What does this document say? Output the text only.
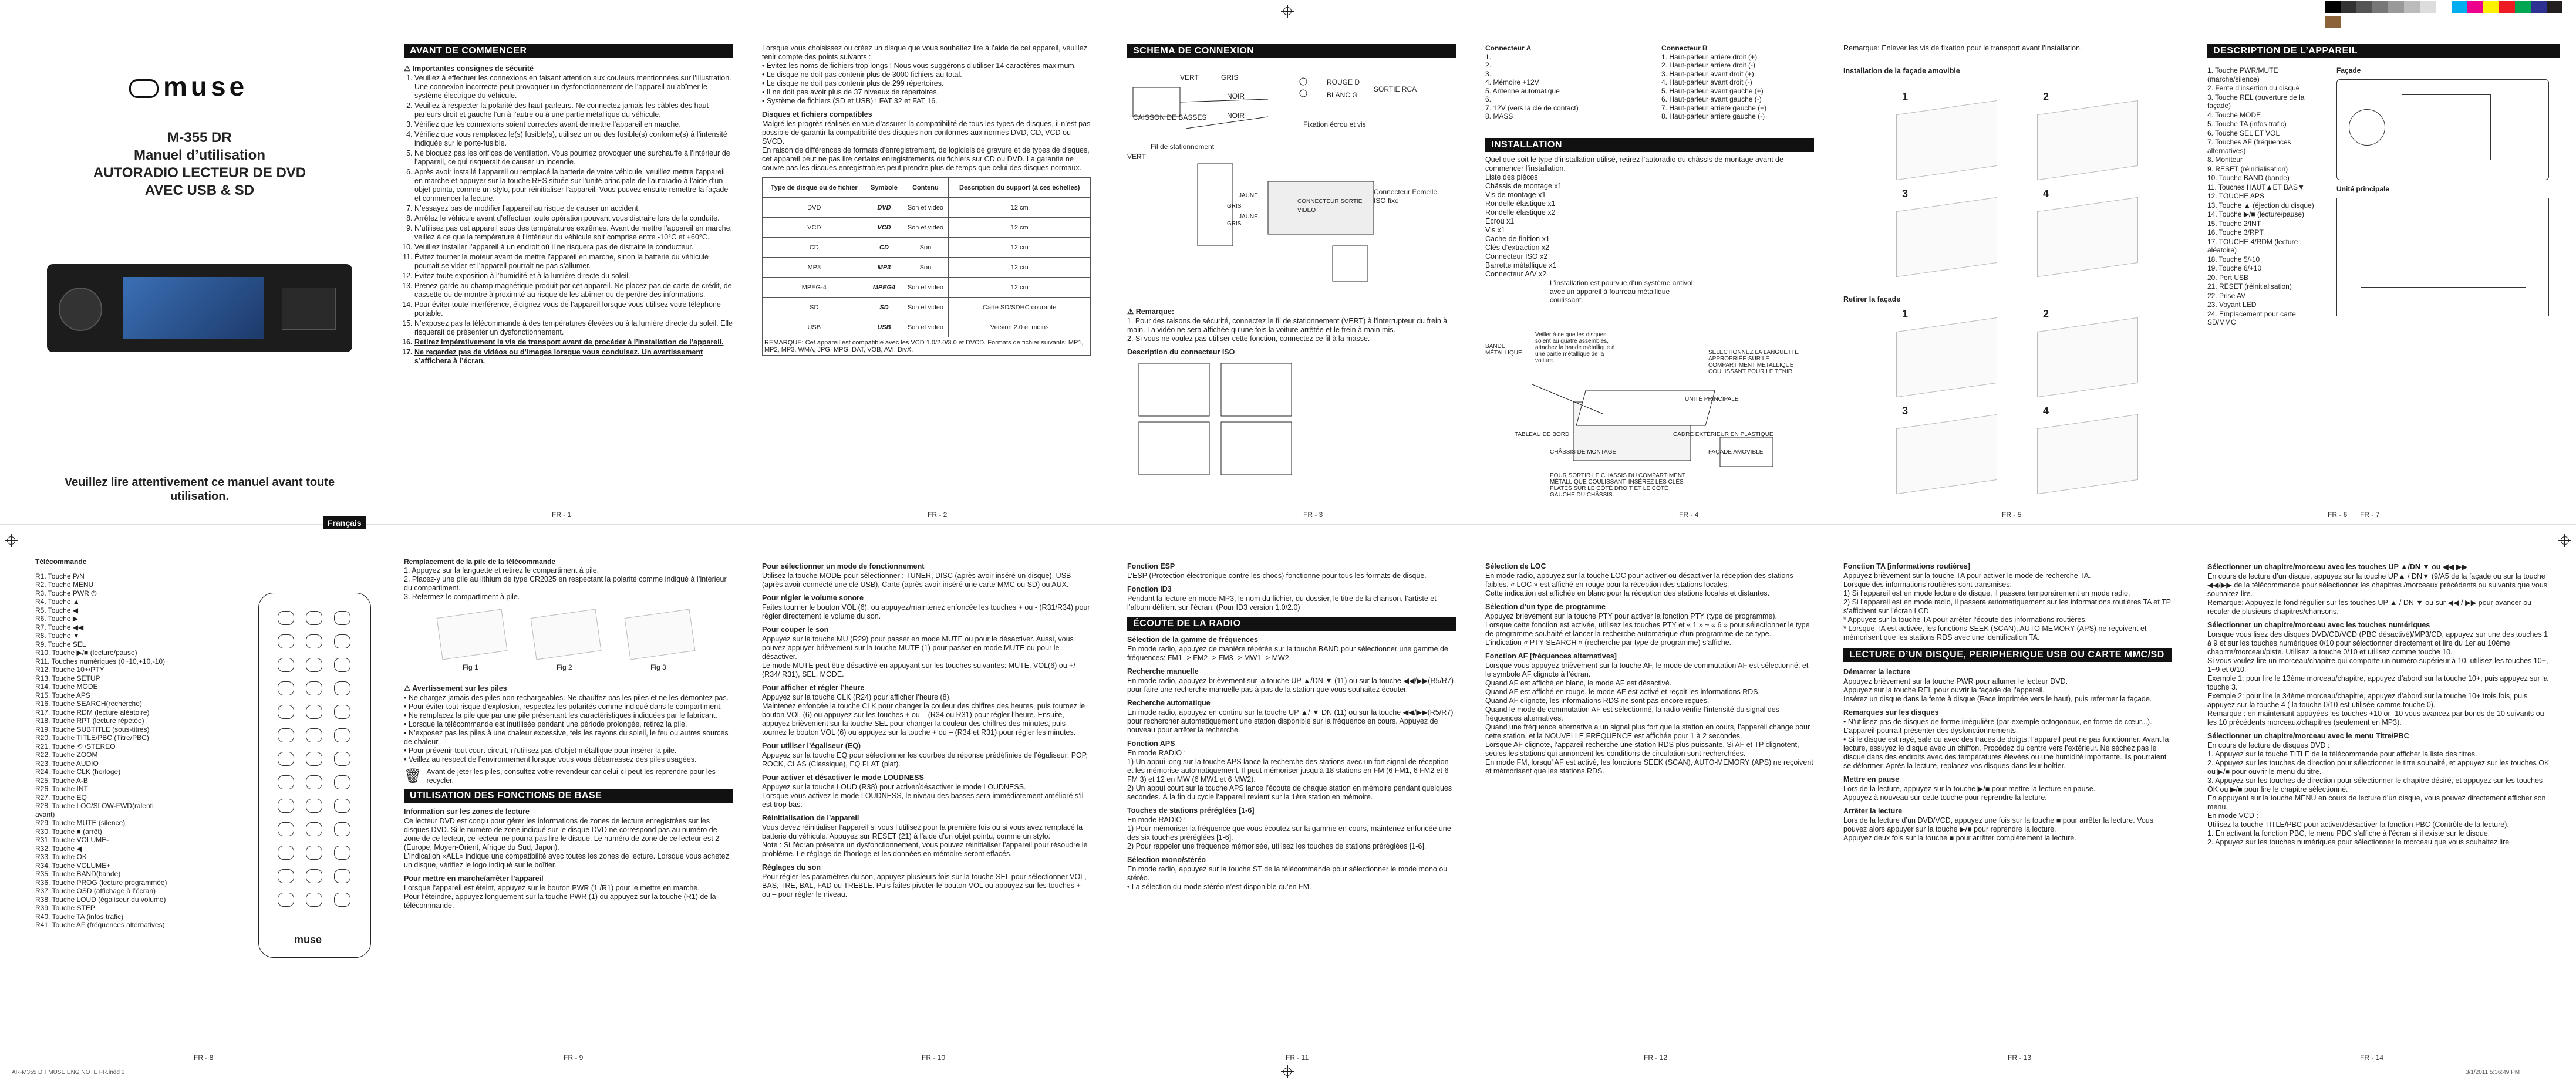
muse
M-355 DR
Manuel d’utilisation
AUTORADIO LECTEUR DE DVD
AVEC USB & SD
Veuillez lire attentivement ce manuel avant toute utilisation.
Français
FR - 1
AVANT DE COMMENCER
⚠ Importantes consignes de sécurité
1. Veuillez à effectuer les connexions en faisant attention aux couleurs mentionnées sur l’illustration. Une connexion incorrecte peut provoquer un dysfonctionnement de l’appareil ou abîmer le système électrique du véhicule.
2. Veuillez à respecter la polarité des haut-parleurs. Ne connectez jamais les câbles des haut-parleurs droit et gauche l’un à l’autre ou à une partie métallique du véhicule.
3. Vérifiez que les connexions soient correctes avant de mettre l’appareil en marche.
4. Vérifiez que vous remplacez le(s) fusible(s), utilisez un ou des fusible(s) conforme(s) à l’intensité indiquée sur le porte-fusible.
5. Ne bloquez pas les orifices de ventilation. Vous pourriez provoquer une surchauffe à l’intérieur de l’appareil, ce qui risquerait de causer un incendie.
6. Après avoir installé l’appareil ou remplacé la batterie de votre véhicule, veuillez mettre l’appareil en marche et appuyer sur la touche RES située sur l’unité principale de l’autoradio à l’aide d’un objet pointu, comme un stylo, pour réinitialiser l’appareil. Vous pouvez ensuite remettre la façade et commencer la lecture.
7. N’essayez pas de modifier l’appareil au risque de causer un accident.
8. Arrêtez le véhicule avant d’effectuer toute opération pouvant vous distraire lors de la conduite.
9. N’utilisez pas cet appareil sous des températures extrêmes. Avant de mettre l’appareil en marche, veillez à ce que la température à l’intérieur du véhicule soit comprise entre -10°C et +60°C.
10. Veuillez installer l’appareil à un endroit où il ne risquera pas de distraire le conducteur.
11. Évitez tourner le moteur avant de mettre l’appareil en marche, sinon la batterie du véhicule pourrait se vider et l’appareil pourrait ne pas s’allumer.
12. Évitez toute exposition à l’humidité et à la lumière directe du soleil.
13. Prenez garde au champ magnétique produit par cet appareil. Ne placez pas de carte de crédit, de cassette ou de montre à proximité au risque de les abîmer ou de perdre des informations.
14. Pour éviter toute interférence, éloignez-vous de l’appareil lorsque vous utilisez votre téléphone portable.
15. N’exposez pas la télécommande à des températures élevées ou à la lumière directe du soleil. Elle risquerait de présenter un dysfonctionnement.
16. Retirez impérativement la vis de transport avant de procéder à l’installation de l’appareil.
17. Ne regardez pas de vidéos ou d’images lorsque vous conduisez. Un avertissement s’affichera à l’écran.
FR - 2

Lorsque vous choisissez ou créez un disque que vous souhaitez lire à l’aide de cet appareil, veuillez tenir compte des points suivants :
• Évitez les noms de fichiers trop longs ! Nous vous suggérons d’utiliser 14 caractères maximum.
• Le disque ne doit pas contenir plus de 3000 fichiers au total.
• Le disque ne doit pas contenir plus de 299 répertoires.
• Il ne doit pas avoir plus de 37 niveaux de répertoires.
• Système de fichiers (SD et USB) : FAT 32 et FAT 16.

Disques et fichiers compatibles

Malgré les progrès réalisés en vue d’assurer la compatibilité de tous les types de disques, il n’est pas possible de garantir la compatibilité des disques non conformes aux normes DVD, CD, VCD ou SVCD.
En raison de différences de formats d’enregistrement, de logiciels de gravure et de types de disques, cet appareil peut ne pas lire certains enregistrements ou fichiers sur CD ou DVD. La garantie ne couvre pas les disques enregistrables peut prendre plus de temps que celui des disques normaux.

Type de disque ou de fichier	Symbole	Contenu	Description du support (à ces échelles)
DVD	DVD	Son et vidéo	12 cm
VCD	VCD	Son et vidéo	12 cm
CD	CD	Son	12 cm
MP3	MP3	Son	12 cm
MPEG-4	MPEG4	Son et vidéo	12 cm
SD	SD	Son et vidéo	Carte SD/SDHC courante
USB	USB	Son et vidéo	Version 2.0 et moins
REMARQUE: Cet appareil est compatible avec les VCD 1.0/2.0/3.0 et DVCD. Formats de fichier suivants: MP1, MP2, MP3, WMA, JPG, MPG, DAT, VOB, AVI, DivX.
FR - 3
SCHEMA DE CONNEXION
VERT	GRIS
NOIR
ROUGE D
BLANC G
SORTIE RCA
CAISSON DE BASSES	NOIR
Fixation écrou et vis
Fil de stationnement
VERT
Connecteur Femelle ISO fixe
CONNECTEUR SORTIE VIDEO
JAUNE
JAUNE
GRIS
GRIS
⚠ Remarque:

1. Pour des raisons de sécurité, connectez le fil de stationnement (VERT) à l’interrupteur du frein à main. La vidéo ne sera affichée qu’une fois la voiture arrêtée et le frein à main mis.
2. Si vous ne voulez pas utiliser cette fonction, connectez ce fil à la masse.

Description du connecteur ISO
FR - 4
Connecteur A
1.
2.
3.
4. Mémoire +12V
5. Antenne automatique
6.
7. 12V (vers la clé de contact)
8. MASS
Connecteur B
1. Haut-parleur arrière droit (+)
2. Haut-parleur arrière droit (-)
3. Haut-parleur avant droit (+)
4. Haut-parleur avant droit (-)
5. Haut-parleur avant gauche (+)
6. Haut-parleur avant gauche (-)
7. Haut-parleur arrière gauche (+)
8. Haut-parleur arrière gauche (-)
INSTALLATION

Quel que soit le type d’installation utilisé, retirez l’autoradio du châssis de montage avant de commencer l’installation.
Liste des pièces
Châssis de montage x1
Vis de montage x1
Rondelle élastique x1
Rondelle élastique x2
Écrou x1
Vis x1
Cache de finition x1
Clés d’extraction x2
Connecteur ISO x2
Barrette métallique x1
Connecteur A/V x2

L’installation est pourvue d’un système antivol avec un appareil à fourreau métallique coulissant.
BANDE MÉTALLIQUE
Veiller à ce que les disques soient au quatre assemblés, attachez la bande métallique à une partie métallique de la voiture.
SÉLECTIONNEZ LA LANGUETTE APPROPRIÉE SUR LE COMPARTIMENT MÉTALLIQUE COULISSANT POUR LE TENIR.
UNITÉ PRINCIPALE
TABLEAU DE BORD	CADRE EXTÉRIEUR EN PLASTIQUE
CHÂSSIS DE MONTAGE	FAÇADE AMOVIBLE
POUR SORTIR LE CHASSIS DU COMPARTIMENT MÉTALLIQUE COULISSANT, INSÉREZ LES CLÉS PLATES SUR LE CÔTÉ DROIT ET LE CÔTÉ GAUCHE DU CHÂSSIS.
FR - 5

Remarque: Enlever les vis de fixation pour le transport avant l’installation.

Installation de la façade amovible
1	2
3	4
Retirer la façade
1	2
3	4
FR - 6
DESCRIPTION DE L’APPAREIL
1. Touche PWR/MUTE (marche/silence)
2. Fente d’insertion du disque
3. Touche REL (ouverture de la façade)
4. Touche MODE
5. Touche TA (infos trafic)
6. Touche SEL ET VOL
7. Touches AF (fréquences alternatives)
8. Moniteur
9. RESET (réinitialisation)
10. Touche BAND (bande)
11. Touches HAUT▲ET BAS▼
12. TOUCHE APS
13. Touche ▲ (éjection du disque)
14. Touche ▶/■ (lecture/pause)
15. Touche 2/INT
16. Touche 3/RPT
17. TOUCHE 4/RDM (lecture aléatoire)
18. Touche 5/-10
19. Touche 6/+10
20. Port USB
21. RESET (réinitialisation)
22. Prise AV
23. Voyant LED
24. Emplacement pour carte SD/MMC
Façade
Unité principale
FR - 7
Télécommande
R1. Touche P/N
R2. Touche MENU
R3. Touche PWR ⏻
R4. Touche ▲
R5. Touche ◀
R6. Touche ▶
R7. Touche ◀◀
R8. Touche ▼
R9. Touche SEL
R10. Touche ▶/■ (lecture/pause)
R11. Touches numériques (0~10,+10,-10)
R12. Touche 10+/PTY
R13. Touche SETUP
R14. Touche MODE
R15. Touche APS
R16. Touche SEARCH(recherche)
R17. Touche RDM (lecture aléatoire)
R18. Touche RPT (lecture répétée)
R19. Touche SUBTITLE (sous-titres)
R20. Touche TITLE/PBC (Titre/PBC)
R21. Touche ⟲ /STEREO
R22. Touche ZOOM
R23. Touche AUDIO
R24. Touche CLK (horloge)
R25. Touche A-B
R26. Touche INT
R27. Touche EQ
R28. Touche LOC/SLOW-FWD(ralenti avant)
R29. Touche MUTE (silence)
R30. Touche ■ (arrêt)
R31. Touche VOLUME-
R32. Touche ◀
R33. Touche OK
R34. Touche VOLUME+
R35. Touche BAND(bande)
R36. Touche PROG (lecture programmée)
R37. Touche OSD (affichage à l’écran)
R38. Touche LOUD (égaliseur du volume)
R39. Touche STEP
R40. Touche TA (infos trafic)
R41. Touche AF (fréquences alternatives)
muse
FR - 8
Remplacement de la pile de la télécommande

1. Appuyez sur la languette et retirez le compartiment à pile.
2. Placez-y une pile au lithium de type CR2025 en respectant la polarité comme indiqué à l’intérieur du compartiment.
3. Refermez le compartiment à pile.

Fig 1	Fig 2	Fig 3
⚠ Avertissement sur les piles

• Ne chargez jamais des piles non rechargeables. Ne chauffez pas les piles et ne les démontez pas.
• Pour éviter tout risque d’explosion, respectez les polarités comme indiqué dans le compartiment.
• Ne remplacez la pile que par une pile présentant les caractéristiques indiquées par le fabricant.
• Lorsque la télécommande est inutilisée pendant une période prolongée, retirez la pile.
• N’exposez pas les piles à une chaleur excessive, tels les rayons du soleil, le feu ou autres sources de chaleur.
• Pour prévenir tout court-circuit, n’utilisez pas d’objet métallique pour insérer la pile.
• Veillez au respect de l’environnement lorsque vous vous débarrassez des piles usagées.

🗑 Avant de jeter les piles, consultez votre revendeur car celui-ci peut les reprendre pour les recycler.

UTILISATION DES FONCTIONS DE BASE
Information sur les zones de lecture

Ce lecteur DVD est conçu pour gérer les informations de zones de lecture enregistrées sur les disques DVD. Si le numéro de zone indiqué sur le disque DVD ne correspond pas au numéro de zone de ce lecteur, ce lecteur ne pourra pas lire le disque. Le numéro de zone de ce lecteur est 2 (Europe, Moyen-Orient, Afrique du Sud, Japon).
L’indication «ALL» indique une compatibilité avec toutes les zones de lecture. Lorsque vous achetez un disque, vérifiez le logo indiqué sur le boîtier.

Pour mettre en marche/arrêter l’appareil

Lorsque l’appareil est éteint, appuyez sur le bouton PWR (1 /R1) pour le mettre en marche.
Pour l’éteindre, appuyez longuement sur la touche PWR (1) ou appuyez sur la touche (R1) de la télécommande.

FR - 9
Pour sélectionner un mode de fonctionnement

Utilisez la touche MODE pour sélectionner : TUNER, DISC (après avoir inséré un disque), USB (après avoir connecté une clé USB), Carte (après avoir inséré une carte MMC ou SD) ou AUX.

Pour régler le volume sonore

Faites tourner le bouton VOL (6), ou appuyez/maintenez enfoncée les touches + ou - (R31/R34) pour régler directement le volume du son.

Pour couper le son

Appuyez sur la touche MU (R29) pour passer en mode MUTE ou pour le désactiver. Aussi, vous pouvez appuyer brièvement sur la touche MUTE (1) pour passer en mode MUTE ou pour le désactiver.
Le mode MUTE peut être désactivé en appuyant sur les touches suivantes: MUTE, VOL(6) ou +/-(R34/ R31), SEL, MODE.

Pour afficher et régler l’heure

Appuyez sur la touche CLK (R24) pour afficher l’heure (8).
Maintenez enfoncée la touche CLK pour changer la couleur des chiffres des heures, puis tournez le bouton VOL (6) ou appuyez sur les touches + ou – (R34 ou R31) pour régler l’heure. Ensuite, appuyez brièvement sur la touche SEL pour changer la couleur des chiffres des minutes, puis tournez le bouton VOL (6) ou appuyez sur la touche + ou – (R34 et R31) pour régler les minutes.

Pour utiliser l’égaliseur (EQ)

Appuyez sur la touche EQ pour sélectionner les courbes de réponse prédéfinies de l’égaliseur: POP, ROCK, CLAS (Classique), EQ FLAT (plat).

Pour activer et désactiver le mode LOUDNESS

Appuyez sur la touche LOUD (R38) pour activer/désactiver le mode LOUDNESS.
Lorsque vous activez le mode LOUDNESS, le niveau des basses sera immédiatement amélioré s’il est trop bas.

Réinitialisation de l’appareil

Vous devez réinitialiser l’appareil si vous l’utilisez pour la première fois ou si vous avez remplacé la batterie du véhicule. Appuyez sur RESET (21) à l’aide d’un objet pointu, comme un stylo.
Note : Si l’écran présente un dysfonctionnement, vous pouvez réinitialiser l’appareil pour résoudre le problème. Le réglage de l’horloge et les données en mémoire seront effacés.

Réglages du son

Pour régler les paramètres du son, appuyez plusieurs fois sur la touche SEL pour sélectionner VOL, BAS, TRE, BAL, FAD ou TREBLE. Puis faites pivoter le bouton VOL ou appuyez sur les touches + ou – pour régler le niveau.

FR - 10
Fonction ESP

L’ESP (Protection électronique contre les chocs) fonctionne pour tous les formats de disque.

Fonction ID3

Pendant la lecture en mode MP3, le nom du fichier, du dossier, le titre de la chanson, l’artiste et l’album défilent sur l’écran. (Pour ID3 version 1.0/2.0)

ÉCOUTE DE LA RADIO
Sélection de la gamme de fréquences

En mode radio, appuyez de manière répétée sur la touche BAND pour sélectionner une gamme de fréquences: FM1 -> FM2 -> FM3 -> MW1 -> MW2.

Recherche manuelle

En mode radio, appuyez brièvement sur la touche UP ▲/DN ▼ (11) ou sur la touche ◀◀/▶▶(R5/R7) pour faire une recherche manuelle pas à pas de la station que vous souhaitez écouter.

Recherche automatique

En mode radio, appuyez en continu sur la touche UP ▲/ ▼ DN (11) ou sur la touche ◀◀/▶▶(R5/R7) pour rechercher automatiquement une station disponible sur la fréquence en cours. Appuyez de nouveau pour arrêter la recherche.

Fonction APS

En mode RADIO :
1) Un appui long sur la touche APS lance la recherche des stations avec un fort signal de réception et les mémorise automatiquement. Il peut mémoriser jusqu’à 18 stations en FM (6 FM1, 6 FM2 et 6 FM 3) et 12 en MW (6 MW1 et 6 MW2).
2) Un appui court sur la touche APS lance l’écoute de chaque station en mémoire pendant quelques secondes. À la fin du cycle l’appareil revient sur la 1ère station en mémoire.

Touches de stations préréglées [1-6]

En mode RADIO :
1) Pour mémoriser la fréquence que vous écoutez sur la gamme en cours, maintenez enfoncée une des six touches préréglées [1-6].
2) Pour rappeler une fréquence mémorisée, utilisez les touches de stations préréglées [1-6].

Sélection mono/stéréo

En mode radio, appuyez sur la touche ST de la télécommande pour sélectionner le mode mono ou stéréo.
• La sélection du mode stéréo n’est disponible qu’en FM.

FR - 11
Sélection de LOC

En mode radio, appuyez sur la touche LOC pour activer ou désactiver la réception des stations faibles. « LOC » est affiché en rouge pour la réception des stations locales.
Cette indication est affichée en blanc pour la réception des stations locales et distantes.

Sélection d’un type de programme

Appuyez brièvement sur la touche PTY pour activer la fonction PTY (type de programme).
Lorsque cette fonction est activée, utilisez les touches PTY et « 1 » ~ « 6 » pour sélectionner le type de programme souhaité et lancer la recherche automatique d’un programme de ce type.
L’indication « PTY SEARCH » (recherche par type de programme) s’affiche.

Fonction AF [fréquences alternatives]

Lorsque vous appuyez brièvement sur la touche AF, le mode de commutation AF est sélectionné, et le symbole AF clignote à l’écran.
Quand AF est affiché en blanc, le mode AF est désactivé.
Quand AF est affiché en rouge, le mode AF est activé et reçoit les informations RDS.
Quand AF clignote, les informations RDS ne sont pas encore reçues.
Quand le mode de commutation AF est sélectionné, la radio vérifie l’intensité du signal des fréquences alternatives.
Quand une fréquence alternative a un signal plus fort que la station en cours, l’appareil change pour cette station, et la NOUVELLE FRÉQUENCE est affichée pour 1 à 2 secondes.
Lorsque AF clignote, l’appareil recherche une station RDS plus puissante. Si AF et TP clignotent, seules les stations qui annoncent les conditions de circulation sont recherchées.
En mode FM, lorsqu’ AF est activé, les fonctions SEEK (SCAN), AUTO-MEMORY (APS) ne reçoivent et mémorisent que les stations RDS.

FR - 12
Fonction TA [informations routières]

Appuyez brièvement sur la touche TA pour activer le mode de recherche TA.
Lorsque des informations routières sont transmises:
1) Si l’appareil est en mode lecture de disque, il passera temporairement en mode radio.
2) Si l’appareil est en mode radio, il passera automatiquement sur les informations routières TA et TP s’affichent sur l’écran LCD.
* Appuyez sur la touche TA pour arrêter l’écoute des informations routières.
* Lorsque TA est activée, les fonctions SEEK (SCAN), AUTO MEMORY (APS) ne reçoivent et mémorisent que les stations RDS avec une identification TA.

LECTURE D’UN DISQUE, PERIPHERIQUE USB OU CARTE MMC/SD
Démarrer la lecture

Appuyez brièvement sur la touche PWR pour allumer le lecteur DVD.
Appuyez sur la touche REL pour ouvrir la façade de l’appareil.
Insérez un disque dans la fente à disque (Face imprimée vers le haut), puis refermer la façade.

Remarques sur les disques

• N’utilisez pas de disques de forme irrégulière (par exemple octogonaux, en forme de cœur...). L’appareil pourrait présenter des dysfonctionnements.
• Si le disque est rayé, sale ou avec des traces de doigts, l’appareil peut ne pas fonctionner. Avant la lecture, essuyez le disque avec un chiffon. Procédez du centre vers l’extérieur. Ne séchez pas le disque dans des endroits avec des températures élevées ou une humidité importante. Ils pourraient se déformer. Après la lecture, replacez vos disques dans leur boîtier.

Mettre en pause

Lors de la lecture, appuyez sur la touche ▶/■ pour mettre la lecture en pause.
Appuyez à nouveau sur cette touche pour reprendre la lecture.

Arrêter la lecture

Lors de la lecture d’un DVD/VCD, appuyez une fois sur la touche ■ pour arrêter la lecture. Vous pouvez alors appuyer sur la touche ▶/■ pour reprendre la lecture.
Appuyez deux fois sur la touche ■ pour arrêter complètement la lecture.

FR - 13
Sélectionner un chapitre/morceau avec les touches UP ▲/DN ▼ ou ◀◀ ▶▶

En cours de lecture d’un disque, appuyez sur la touche UP▲ / DN▼ (9/A5 de la façade ou sur la touche ◀◀/▶▶ de la télécommande pour sélectionner les chapitres /morceaux précédents ou suivants que vous souhaitez lire.
Remarque: Appuyez le fond régulier sur les touches UP ▲ / DN ▼ ou sur ◀◀ / ▶▶ pour avancer ou reculer de plusieurs chapitres/chansons.

Sélectionner un chapitre/morceau avec les touches numériques

Lorsque vous lisez des disques DVD/CD/VCD (PBC désactivé)/MP3/CD, appuyez sur une des touches 1 à 9 et sur les touches numériques 0/10 pour sélectionner directement et lire du 1er au 10ème chapitre/morceau/piste. Utilisez la touche 0/10 et utilisez comme touche 10.
Si vous voulez lire un morceau/chapitre qui comporte un numéro supérieur à 10, utilisez les touches 10+, 1~9 et 0/10.
Exemple 1: pour lire le 13ème morceau/chapitre, appuyez d’abord sur la touche 10+, puis appuyez sur la touche 3.
Exemple 2: pour lire le 34ème morceau/chapitre, appuyez d’abord sur la touche 10+ trois fois, puis appuyez sur la touche 4 ( la touche 0/10 est utilisée comme touche 0).
Remarque : en maintenant appuyées les touches +10 or -10 vous avancez par bonds de 10 suivants ou les 10 précédents morceaux/chapitres (seulement en MP3).

Sélectionner un chapitre/morceau avec le menu Titre/PBC

En cours de lecture de disques DVD :
1. Appuyez sur la touche TITLE de la télécommande pour afficher la liste des titres.
2. Appuyez sur les touches de direction pour sélectionner le titre souhaité, et appuyez sur les touches OK ou ▶/■ pour ouvrir le menu du titre.
3. Appuyez sur les touches de direction pour sélectionner le chapitre désiré, et appuyez sur les touches OK ou ▶/■ pour lire le chapitre sélectionné.
En appuyant sur la touche MENU en cours de lecture d’un disque, vous pouvez directement afficher son menu.
En mode VCD :
Utilisez la touche TITLE/PBC pour activer/désactiver la fonction PBC (Contrôle de la lecture).
1. En activant la fonction PBC, le menu PBC s’affiche à l’écran si il existe sur le disque.
2. Appuyez sur les touches numériques pour sélectionner le morceau que vous souhaitez lire

FR - 14
AR-M355 DR MUSE ENG NOTE FR.indd 1	3/1/2011 5:36:49 PM
